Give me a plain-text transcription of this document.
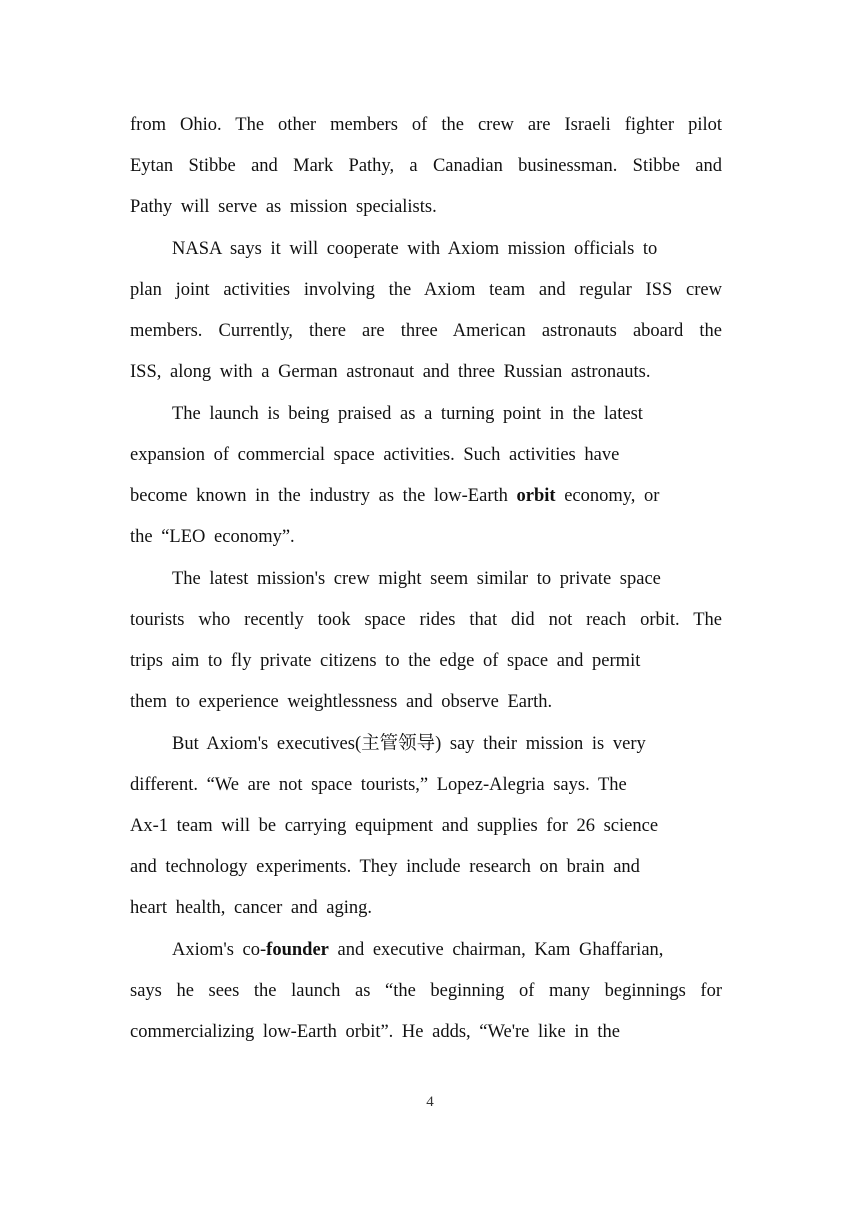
from Ohio. The other members of the crew are Israeli fighter pilot
Eytan Stibbe and Mark Pathy, a Canadian businessman. Stibbe and
Pathy will serve as mission specialists.
NASA says it will cooperate with Axiom mission officials to
plan joint activities involving the Axiom team and regular ISS crew
members. Currently, there are three American astronauts aboard the
ISS, along with a German astronaut and three Russian astronauts.
The launch is being praised as a turning point in the latest
expansion of commercial space activities. Such activities have
become known in the industry as the low-Earth orbit economy, or
the “LEO economy”.
The latest mission's crew might seem similar to private space
tourists who recently took space rides that did not reach orbit. The
trips aim to fly private citizens to the edge of space and permit
them to experience weightlessness and observe Earth.
But Axiom's executives(主管领导) say their mission is very
different. “We are not space tourists,” Lopez-Alegria says. The
Ax-1 team will be carrying equipment and supplies for 26 science
and technology experiments. They include research on brain and
heart health, cancer and aging.
Axiom's co-founder and executive chairman, Kam Ghaffarian,
says he sees the launch as “the beginning of many beginnings for
commercializing low-Earth orbit”. He adds, “We're like in the
4
